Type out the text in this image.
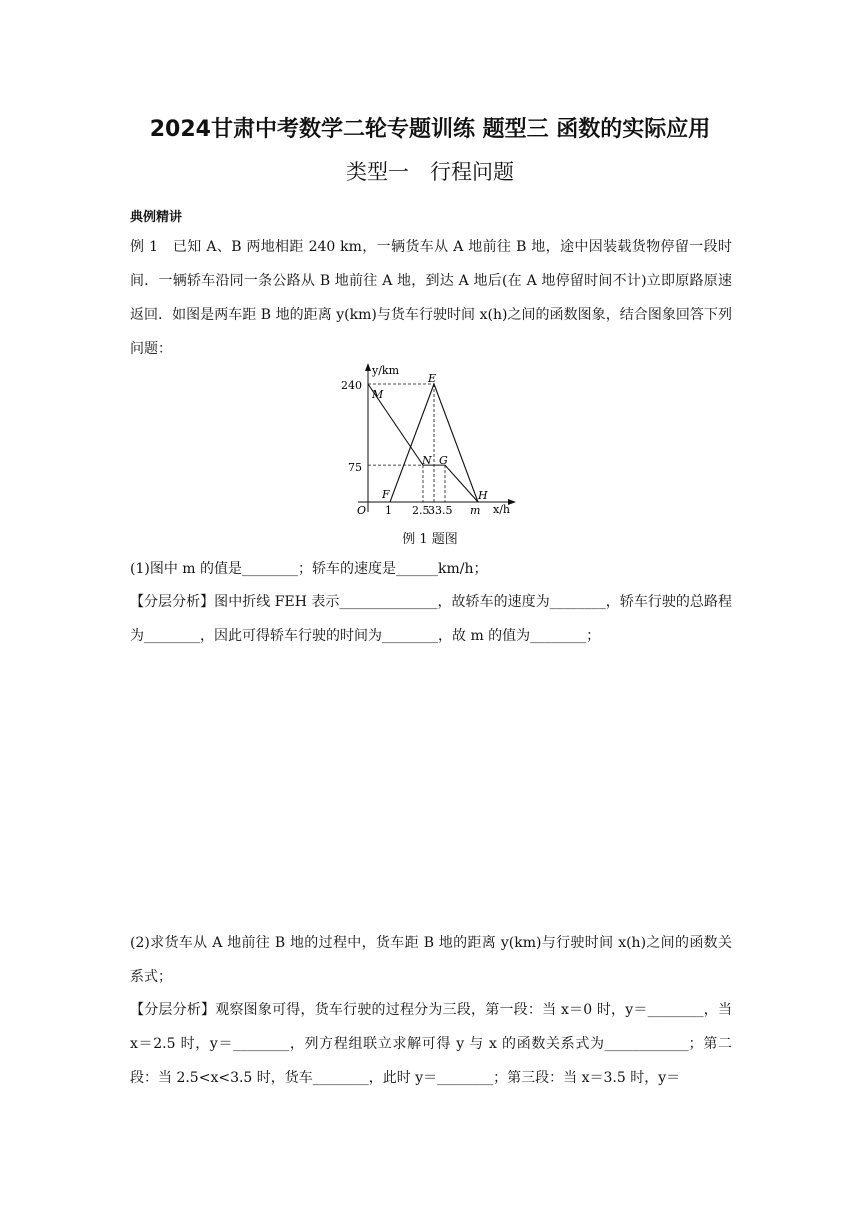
2024甘肃中考数学二轮专题训练 题型三 函数的实际应用
类型一　行程问题
典例精讲
例 1　已知 A、B 两地相距 240 km，一辆货车从 A 地前往 B 地，途中因装载货物停留一段时间．一辆轿车沿同一条公路从 B 地前往 A 地，到达 A 地后(在 A 地停留时间不计)立即原路原速返回．如图是两车距 B 地的距离 y(km)与货车行驶时间 x(h)之间的函数图象，结合图象回答下列问题：
y/km
x/h
O
240
75
1 2.5
3 3.5 m
E
M
N G
F	H
例 1 题图
(1)图中 m 的值是________；轿车的速度是______km/h；
【分层分析】图中折线 FEH 表示______________，故轿车的速度为________，轿车行驶的总路程为________，因此可得轿车行驶的时间为________，故 m 的值为________；
(2)求货车从 A 地前往 B 地的过程中，货车距 B 地的距离 y(km)与行驶时间 x(h)之间的函数关系式；
【分层分析】观察图象可得，货车行驶的过程分为三段，第一段：当 x＝0 时，y＝________，当 x＝2.5 时，y＝________，列方程组联立求解可得 y 与 x 的函数关系式为____________；第二段：当 2.5<x<3.5 时，货车________，此时 y＝________；第三段：当 x＝3.5 时，y＝
